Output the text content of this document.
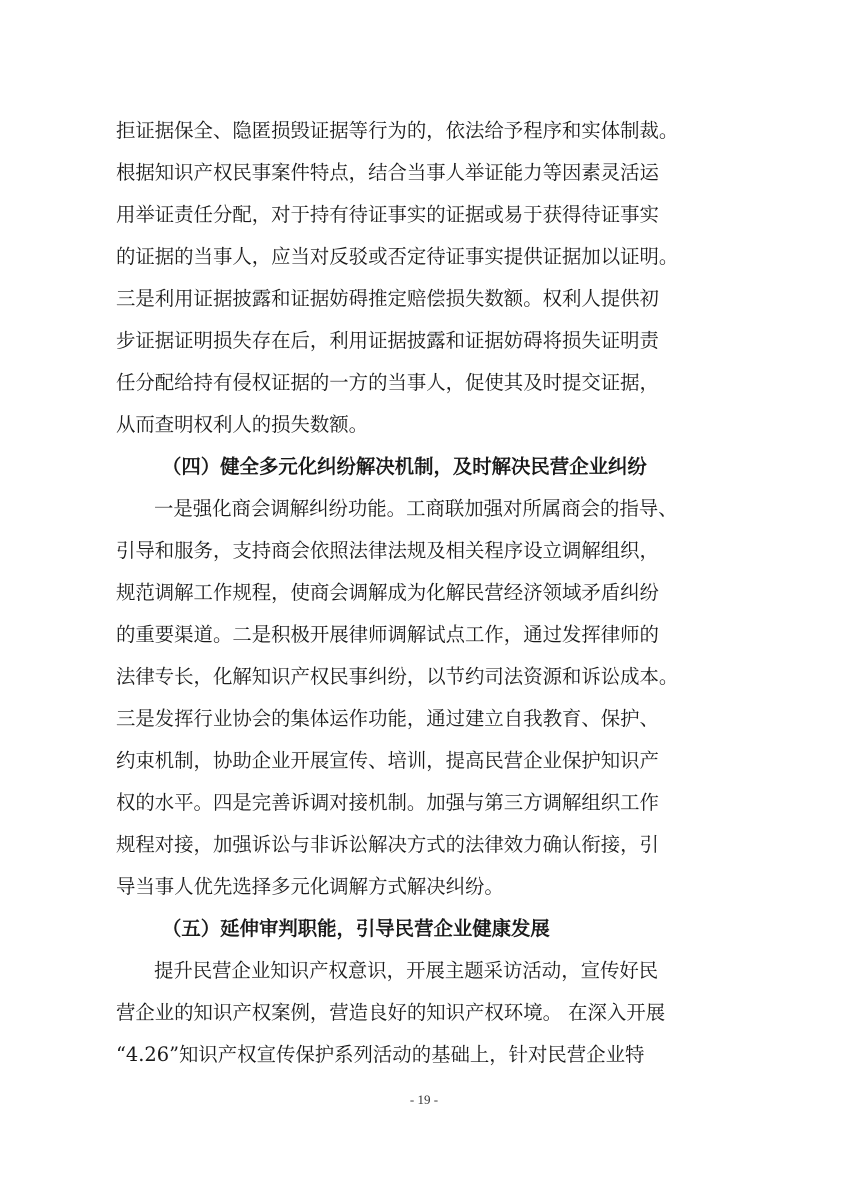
拒证据保全、隐匿损毁证据等行为的，依法给予程序和实体制裁。
根据知识产权民事案件特点，结合当事人举证能力等因素灵活运
用举证责任分配，对于持有待证事实的证据或易于获得待证事实
的证据的当事人，应当对反驳或否定待证事实提供证据加以证明。
三是利用证据披露和证据妨碍推定赔偿损失数额。权利人提供初
步证据证明损失存在后，利用证据披露和证据妨碍将损失证明责
任分配给持有侵权证据的一方的当事人，促使其及时提交证据，
从而查明权利人的损失数额。
（四）健全多元化纠纷解决机制，及时解决民营企业纠纷
一是强化商会调解纠纷功能。工商联加强对所属商会的指导、
引导和服务，支持商会依照法律法规及相关程序设立调解组织，
规范调解工作规程，使商会调解成为化解民营经济领域矛盾纠纷
的重要渠道。二是积极开展律师调解试点工作，通过发挥律师的
法律专长，化解知识产权民事纠纷，以节约司法资源和诉讼成本。
三是发挥行业协会的集体运作功能，通过建立自我教育、保护、
约束机制，协助企业开展宣传、培训，提高民营企业保护知识产
权的水平。四是完善诉调对接机制。加强与第三方调解组织工作
规程对接，加强诉讼与非诉讼解决方式的法律效力确认衔接，引
导当事人优先选择多元化调解方式解决纠纷。
（五）延伸审判职能，引导民营企业健康发展
提升民营企业知识产权意识，开展主题采访活动，宣传好民
营企业的知识产权案例，营造良好的知识产权环境。 在深入开展
“4.26”知识产权宣传保护系列活动的基础上，针对民营企业特
- 19 -
